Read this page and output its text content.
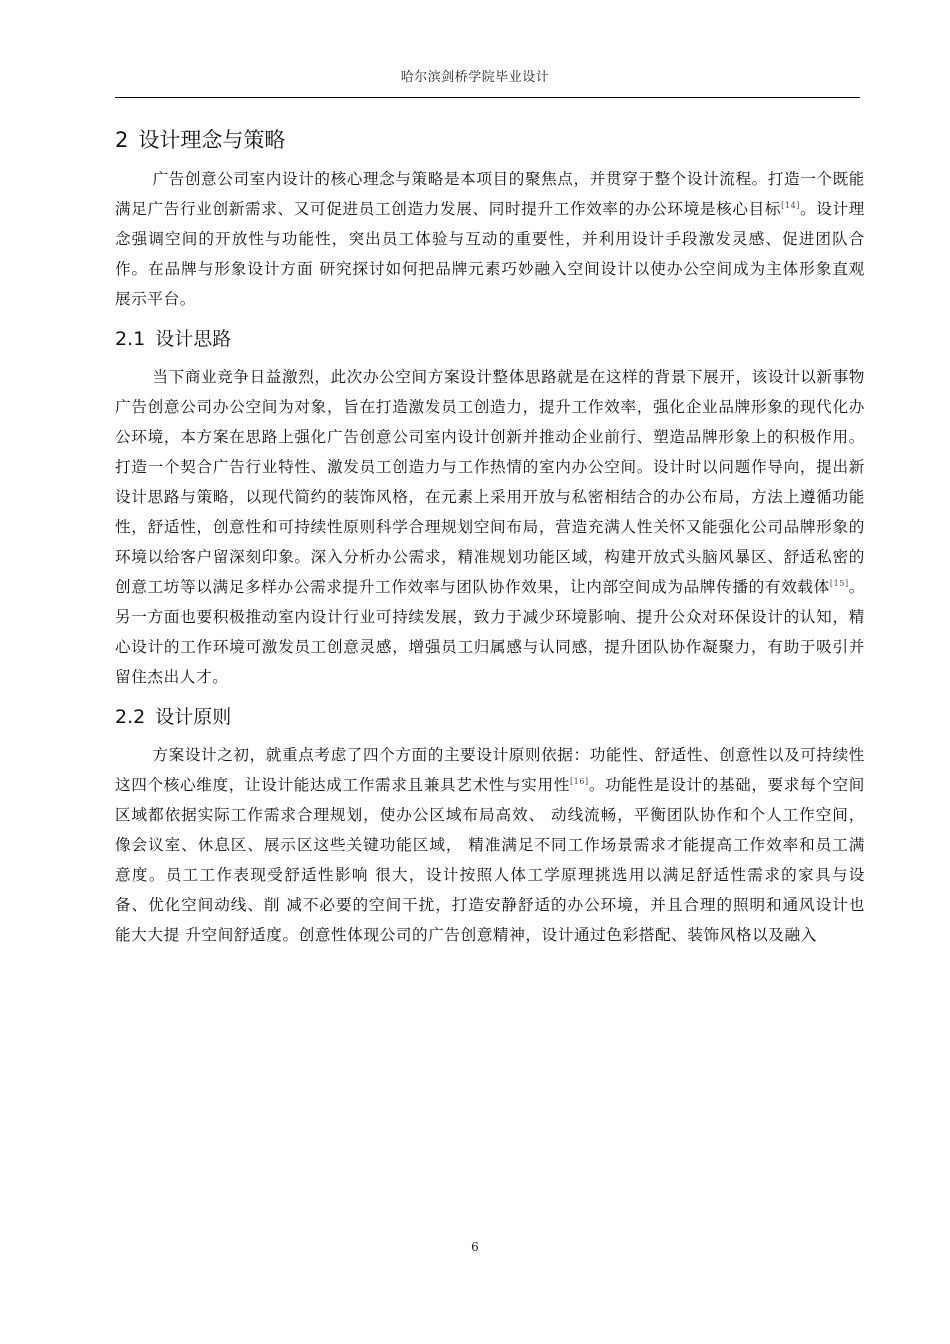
哈尔滨剑桥学院毕业设计
2 设计理念与策略

广告创意公司室内设计的核心理念与策略是本项目的聚焦点，并贯穿于整个设计流程。打造一个既能满足广告行业创新需求、又可促进员工创造力发展、同时提升工作效率的办公环境是核心目标[14]。设计理念强调空间的开放性与功能性，突出员工体验与互动的重要性，并利用设计手段激发灵感、促进团队合作。在品牌与形象设计方面 研究探讨如何把品牌元素巧妙融入空间设计以使办公空间成为主体形象直观展示平台。

2.1 设计思路

当下商业竞争日益激烈，此次办公空间方案设计整体思路就是在这样的背景下展开，该设计以新事物广告创意公司办公空间为对象，旨在打造激发员工创造力，提升工作效率，强化企业品牌形象的现代化办公环境，本方案在思路上强化广告创意公司室内设计创新并推动企业前行、塑造品牌形象上的积极作用。打造一个契合广告行业特性、激发员工创造力与工作热情的室内办公空间。设计时以问题作导向，提出新设计思路与策略，以现代简约的装饰风格，在元素上采用开放与私密相结合的办公布局，方法上遵循功能性，舒适性，创意性和可持续性原则科学合理规划空间布局，营造充满人性关怀又能强化公司品牌形象的环境以给客户留深刻印象。深入分析办公需求，精准规划功能区域，构建开放式头脑风暴区、舒适私密的创意工坊等以满足多样办公需求提升工作效率与团队协作效果，让内部空间成为品牌传播的有效载体[15]。另一方面也要积极推动室内设计行业可持续发展，致力于减少环境影响、提升公众对环保设计的认知，精心设计的工作环境可激发员工创意灵感，增强员工归属感与认同感，提升团队协作凝聚力，有助于吸引并留住杰出人才。

2.2 设计原则

方案设计之初，就重点考虑了四个方面的主要设计原则依据：功能性、舒适性、创意性以及可持续性这四个核心维度，让设计能达成工作需求且兼具艺术性与实用性[16]。功能性是设计的基础，要求每个空间区域都依据实际工作需求合理规划，使办公区域布局高效、 动线流畅，平衡团队协作和个人工作空间，像会议室、休息区、展示区这些关键功能区域， 精准满足不同工作场景需求才能提高工作效率和员工满意度。员工工作表现受舒适性影响 很大，设计按照人体工学原理挑选用以满足舒适性需求的家具与设备、优化空间动线、削 减不必要的空间干扰，打造安静舒适的办公环境，并且合理的照明和通风设计也能大大提 升空间舒适度。创意性体现公司的广告创意精神，设计通过色彩搭配、装饰风格以及融入

6
